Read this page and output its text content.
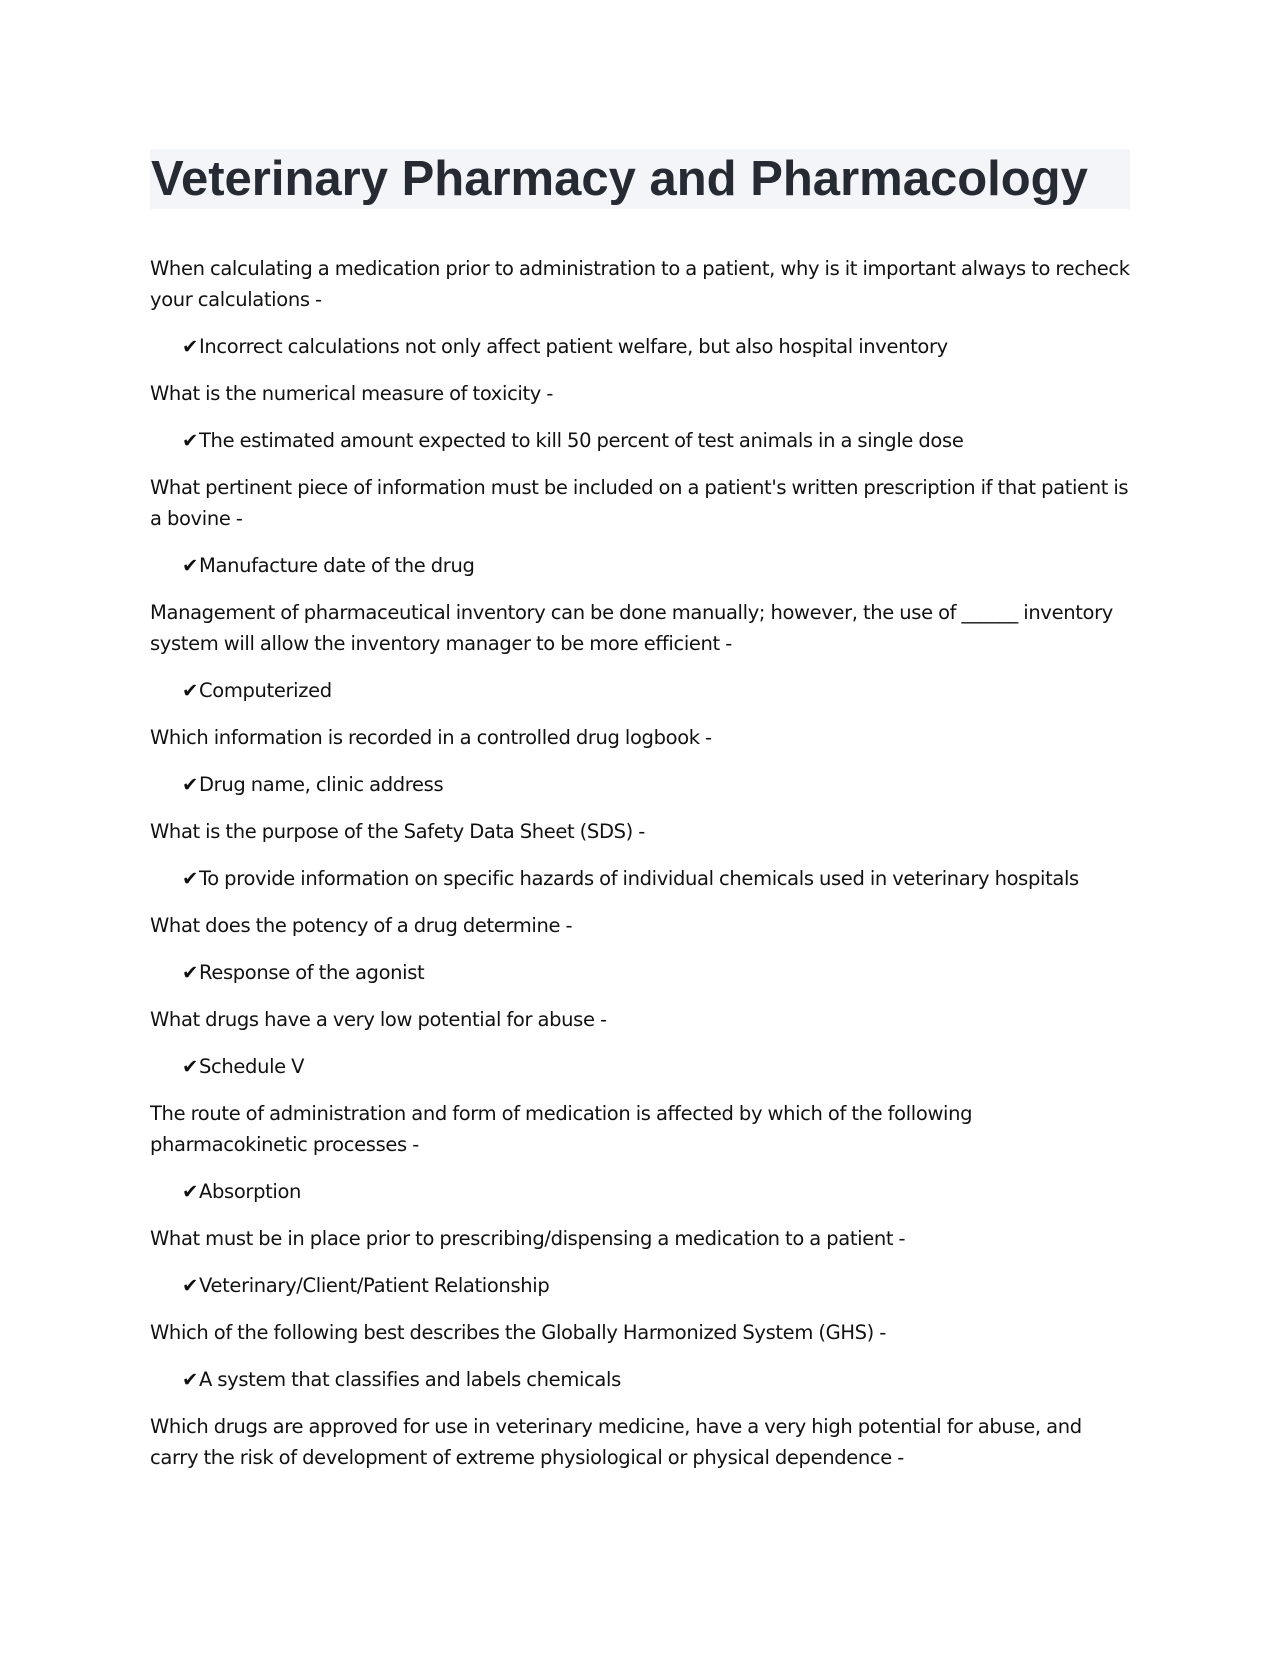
Veterinary Pharmacy and Pharmacology

When calculating a medication prior to administration to a patient, why is it important always to recheck your calculations -

✔Incorrect calculations not only affect patient welfare, but also hospital inventory

What is the numerical measure of toxicity -

✔The estimated amount expected to kill 50 percent of test animals in a single dose

What pertinent piece of information must be included on a patient's written prescription if that patient is a bovine -

✔Manufacture date of the drug

Management of pharmaceutical inventory can be done manually; however, the use of ______ inventory system will allow the inventory manager to be more efficient -

✔Computerized

Which information is recorded in a controlled drug logbook -

✔Drug name, clinic address

What is the purpose of the Safety Data Sheet (SDS) -

✔To provide information on specific hazards of individual chemicals used in veterinary hospitals

What does the potency of a drug determine -

✔Response of the agonist

What drugs have a very low potential for abuse -

✔Schedule V

The route of administration and form of medication is affected by which of the following pharmacokinetic processes -

✔Absorption

What must be in place prior to prescribing/dispensing a medication to a patient -

✔Veterinary/Client/Patient Relationship

Which of the following best describes the Globally Harmonized System (GHS) -

✔A system that classifies and labels chemicals

Which drugs are approved for use in veterinary medicine, have a very high potential for abuse, and carry the risk of development of extreme physiological or physical dependence -
